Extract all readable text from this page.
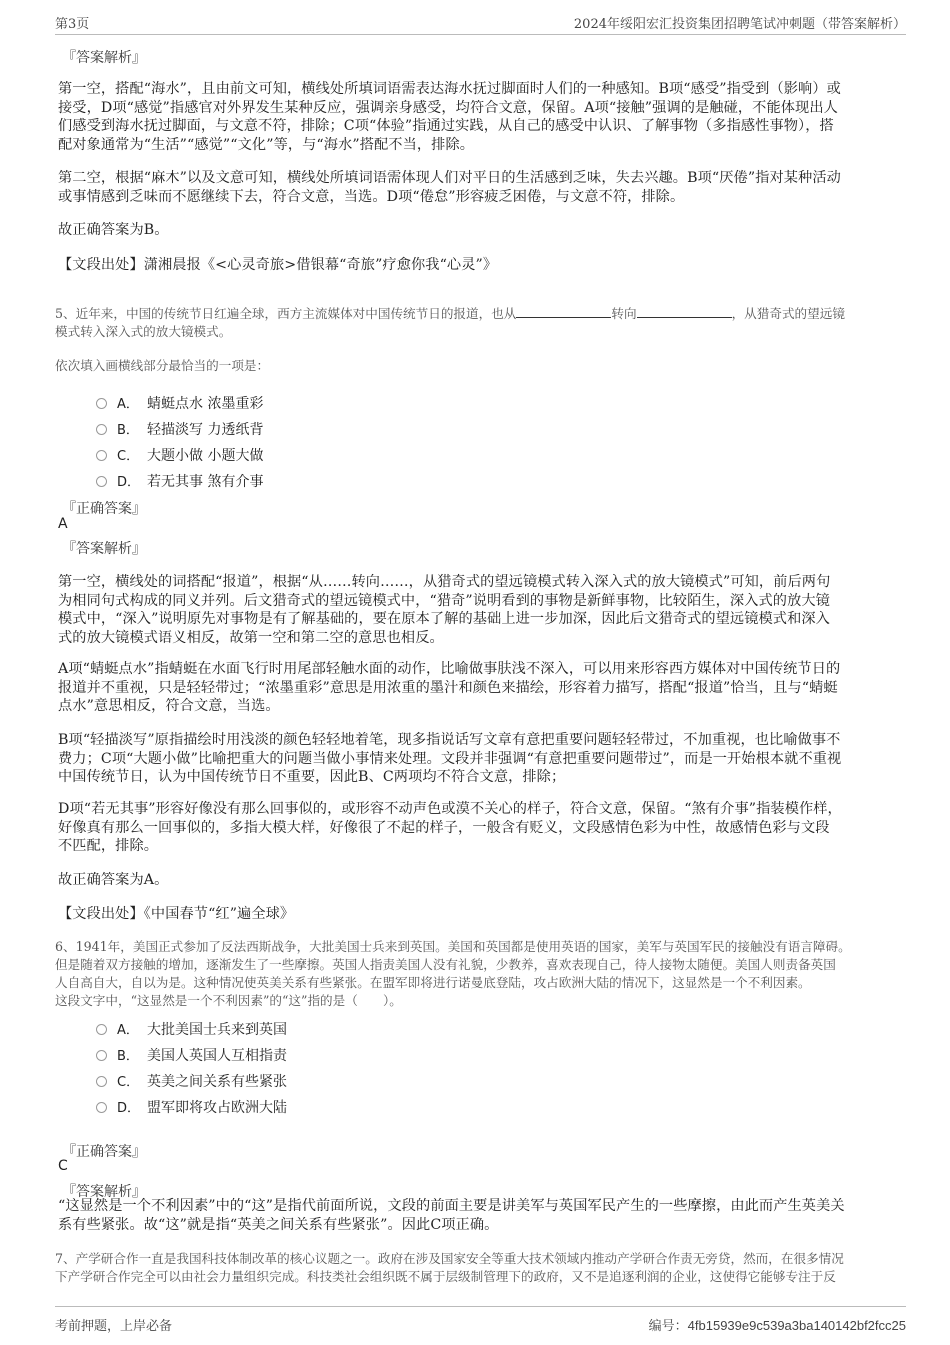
第3页	2024年绥阳宏汇投资集团招聘笔试冲刺题（带答案解析）
『答案解析』
第一空，搭配“海水”，且由前文可知，横线处所填词语需表达海水抚过脚面时人们的一种感知。B项“感受”指受到（影响）或
接受，D项“感觉”指感官对外界发生某种反应，强调亲身感受，均符合文意，保留。A项“接触”强调的是触碰，不能体现出人
们感受到海水抚过脚面，与文意不符，排除；C项“体验”指通过实践，从自己的感受中认识、了解事物（多指感性事物），搭
配对象通常为“生活”“感觉”“文化”等，与“海水”搭配不当，排除。
第二空，根据“麻木”以及文意可知，横线处所填词语需体现人们对平日的生活感到乏味，失去兴趣。B项“厌倦”指对某种活动
或事情感到乏味而不愿继续下去，符合文意，当选。D项“倦怠”形容疲乏困倦，与文意不符，排除。
故正确答案为B。
【文段出处】潇湘晨报《<心灵奇旅>借银幕“奇旅”疗愈你我“心灵”》
5、近年来，中国的传统节日红遍全球，西方主流媒体对中国传统节日的报道，也从	转向	，从猎奇式的望远镜
模式转入深入式的放大镜模式。
依次填入画横线部分最恰当的一项是：
A． 蜻蜓点水 浓墨重彩
B． 轻描淡写 力透纸背
C． 大题小做 小题大做
D． 若无其事 煞有介事
『正确答案』
A
『答案解析』
第一空，横线处的词搭配“报道”，根据“从……转向……，从猎奇式的望远镜模式转入深入式的放大镜模式”可知，前后两句
为相同句式构成的同义并列。后文猎奇式的望远镜模式中，“猎奇”说明看到的事物是新鲜事物，比较陌生，深入式的放大镜
模式中，“深入”说明原先对事物是有了解基础的，要在原本了解的基础上进一步加深，因此后文猎奇式的望远镜模式和深入
式的放大镜模式语义相反，故第一空和第二空的意思也相反。
A项“蜻蜓点水”指蜻蜓在水面飞行时用尾部轻触水面的动作，比喻做事肤浅不深入，可以用来形容西方媒体对中国传统节日的
报道并不重视，只是轻轻带过；“浓墨重彩”意思是用浓重的墨汁和颜色来描绘，形容着力描写，搭配“报道”恰当，且与“蜻蜓
点水”意思相反，符合文意，当选。
B项“轻描淡写”原指描绘时用浅淡的颜色轻轻地着笔，现多指说话写文章有意把重要问题轻轻带过，不加重视，也比喻做事不
费力；C项“大题小做”比喻把重大的问题当做小事情来处理。文段并非强调“有意把重要问题带过”，而是一开始根本就不重视
中国传统节日，认为中国传统节日不重要，因此B、C两项均不符合文意，排除；
D项“若无其事”形容好像没有那么回事似的，或形容不动声色或漠不关心的样子，符合文意，保留。“煞有介事”指装模作样，
好像真有那么一回事似的，多指大模大样，好像很了不起的样子，一般含有贬义，文段感情色彩为中性，故感情色彩与文段
不匹配，排除。
故正确答案为A。
【文段出处】《中国春节“红”遍全球》
6、1941年，美国正式参加了反法西斯战争，大批美国士兵来到英国。美国和英国都是使用英语的国家，美军与英国军民的接触没有语言障碍。
但是随着双方接触的增加，逐渐发生了一些摩擦。英国人指责美国人没有礼貌，少教养，喜欢表现自己，待人接物太随便。美国人则责备英国
人自高自大，自以为是。这种情况使英美关系有些紧张。在盟军即将进行诺曼底登陆，攻占欧洲大陆的情况下，这显然是一个不利因素。
这段文字中，“这显然是一个不利因素”的“这”指的是（　　）。
A． 大批美国士兵来到英国
B． 美国人英国人互相指责
C． 英美之间关系有些紧张
D． 盟军即将攻占欧洲大陆
『正确答案』
C
『答案解析』
“这显然是一个不利因素”中的“这”是指代前面所说，文段的前面主要是讲美军与英国军民产生的一些摩擦，由此而产生英美关
系有些紧张。故“这”就是指“英美之间关系有些紧张”。因此C项正确。
7、产学研合作一直是我国科技体制改革的核心议题之一。政府在涉及国家安全等重大技术领域内推动产学研合作责无旁贷，然而，在很多情况
下产学研合作完全可以由社会力量组织完成。科技类社会组织既不属于层级制管理下的政府，又不是追逐利润的企业，这使得它能够专注于反
考前押题，上岸必备	编号：4fb15939e9c539a3ba140142bf2fcc25
